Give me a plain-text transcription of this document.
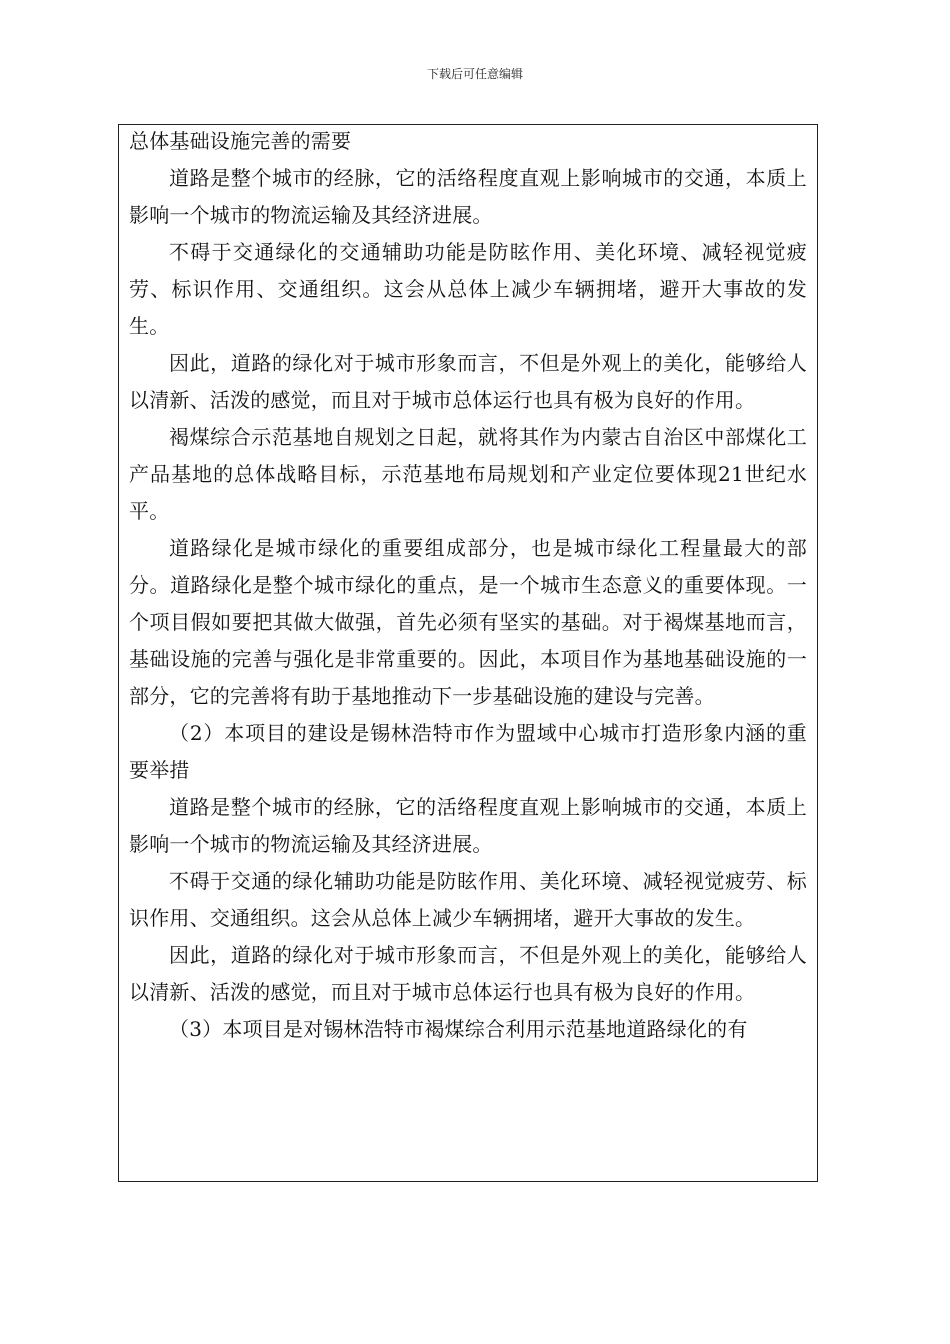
下载后可任意编辑

总体基础设施完善的需要

道路是整个城市的经脉，它的活络程度直观上影响城市的交通，本质上影响一个城市的物流运输及其经济进展。

不碍于交通绿化的交通辅助功能是防眩作用、美化环境、减轻视觉疲劳、标识作用、交通组织。这会从总体上减少车辆拥堵，避开大事故的发生。

因此，道路的绿化对于城市形象而言，不但是外观上的美化，能够给人以清新、活泼的感觉，而且对于城市总体运行也具有极为良好的作用。

褐煤综合示范基地自规划之日起，就将其作为内蒙古自治区中部煤化工产品基地的总体战略目标，示范基地布局规划和产业定位要体现21世纪水平。

道路绿化是城市绿化的重要组成部分，也是城市绿化工程量最大的部分。道路绿化是整个城市绿化的重点，是一个城市生态意义的重要体现。一个项目假如要把其做大做强，首先必须有坚实的基础。对于褐煤基地而言，基础设施的完善与强化是非常重要的。因此，本项目作为基地基础设施的一部分，它的完善将有助于基地推动下一步基础设施的建设与完善。

（2）本项目的建设是锡林浩特市作为盟域中心城市打造形象内涵的重要举措

道路是整个城市的经脉，它的活络程度直观上影响城市的交通，本质上影响一个城市的物流运输及其经济进展。

不碍于交通的绿化辅助功能是防眩作用、美化环境、减轻视觉疲劳、标识作用、交通组织。这会从总体上减少车辆拥堵，避开大事故的发生。

因此，道路的绿化对于城市形象而言，不但是外观上的美化，能够给人以清新、活泼的感觉，而且对于城市总体运行也具有极为良好的作用。

（3）本项目是对锡林浩特市褐煤综合利用示范基地道路绿化的有
